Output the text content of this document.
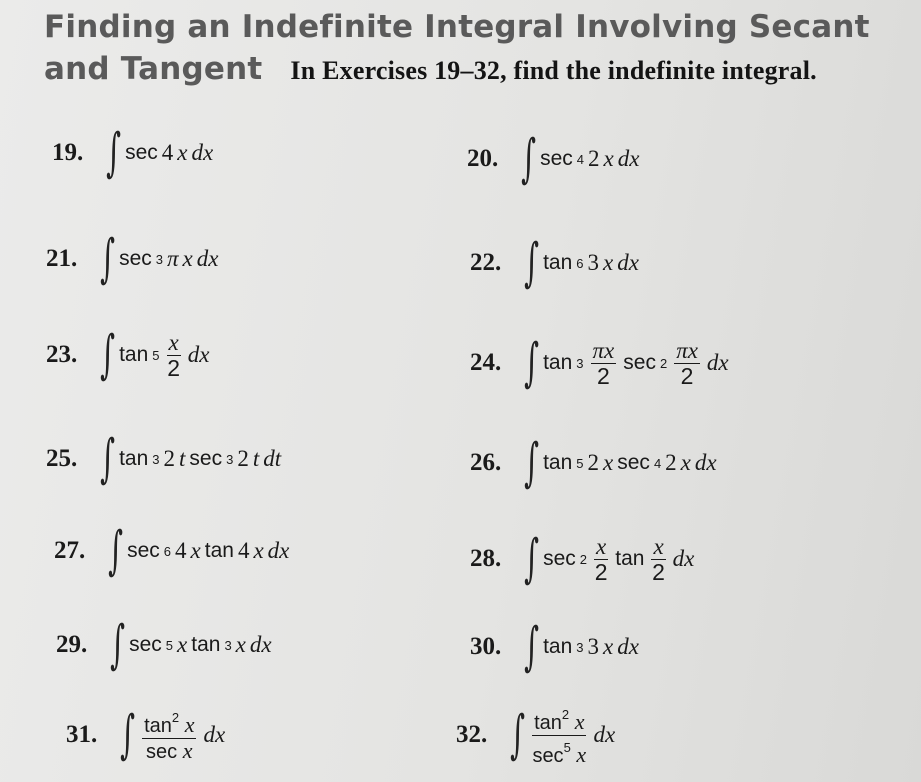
Finding an Indefinite Integral Involving Secant and Tangent In Exercises 19–32, find the indefinite integral.
19. ∫ sec 4 x dx	20. ∫ sec 4 2 x dx
21. ∫ sec 3 π x dx	22. ∫ tan 6 3 x dx
23. ∫ $\tan 5 \frac{x}{2}$ dx	24. ∫ $\tan 3 \frac{\pi x}{2}$ $\sec 2 \frac{\pi x}{2}$ dx
25. ∫ tan 3 2 t sec 3 2 t dt	26. ∫ tan 5 2 x sec 4 2 x dx
27. ∫ sec 6 4 x tan 4 x dx	28. ∫ $\sec 2 \frac{x}{2}$ $\tan \frac{x}{2}$ dx
29. ∫ sec 5 x tan 3 x dx	30. ∫ tan 3 3 x dx
31. ∫ $\frac{\tan^2 x}{\text{sec x}}$ dx	32. ∫ $\frac{\tan^2 x}{\sec^5 x}$ dx
